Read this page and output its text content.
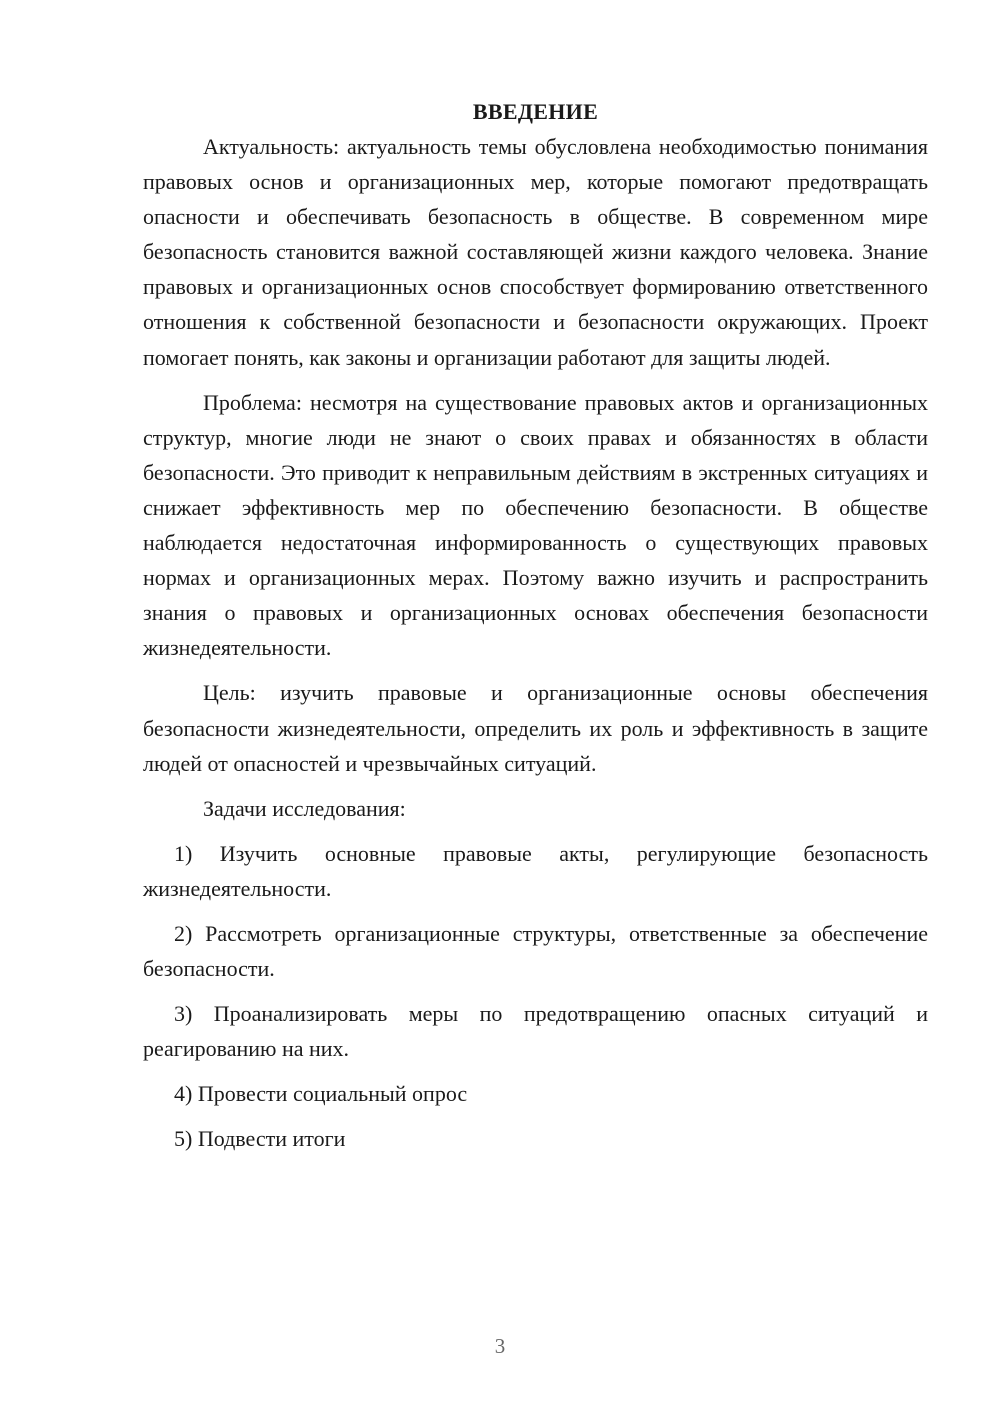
ВВЕДЕНИЕ

Актуальность: актуальность темы обусловлена необходимостью понимания правовых основ и организационных мер, которые помогают предотвращать опасности и обеспечивать безопасность в обществе. В современном мире безопасность становится важной составляющей жизни каждого человека. Знание правовых и организационных основ способствует формированию ответственного отношения к собственной безопасности и безопасности окружающих. Проект помогает понять, как законы и организации работают для защиты людей.

Проблема: несмотря на существование правовых актов и организационных структур, многие люди не знают о своих правах и обязанностях в области безопасности. Это приводит к неправильным действиям в экстренных ситуациях и снижает эффективность мер по обеспечению безопасности. В обществе наблюдается недостаточная информированность о существующих правовых нормах и организационных мерах. Поэтому важно изучить и распространить знания о правовых и организационных основах обеспечения безопасности жизнедеятельности.

Цель: изучить правовые и организационные основы обеспечения безопасности жизнедеятельности, определить их роль и эффективность в защите людей от опасностей и чрезвычайных ситуаций.

Задачи исследования:

1) Изучить основные правовые акты, регулирующие безопасность жизнедеятельности.
2) Рассмотреть организационные структуры, ответственные за обеспечение безопасности.
3) Проанализировать меры по предотвращению опасных ситуаций и реагированию на них.
4) Провести социальный опрос
5) Подвести итоги
3
